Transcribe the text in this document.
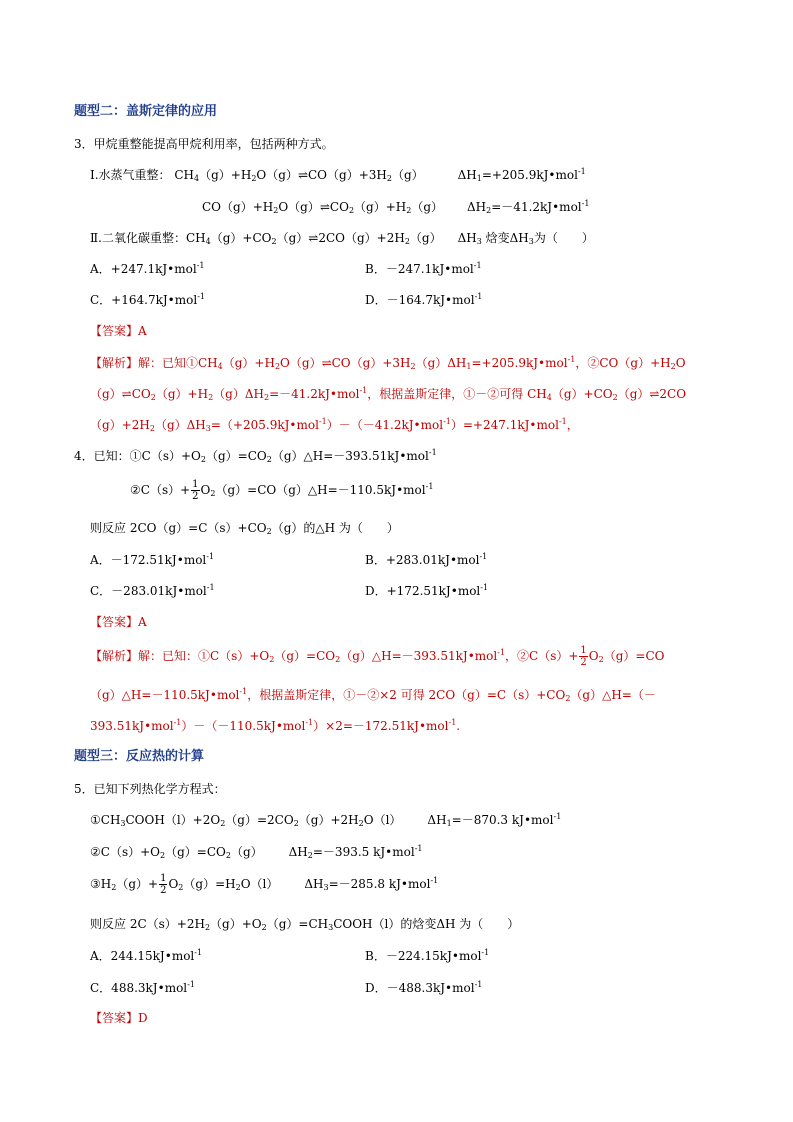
题型二：盖斯定律的应用
3．甲烷重整能提高甲烷利用率，包括两种方式。
Ⅰ.水蒸气重整： $CH_4(g)+H_2O(g)\rightleftharpoons CO(g)+3H_2(g)$	$\Delta H_1=+205.9kJ•mol^{-1}$
$CO(g)+H_2O(g)\rightleftharpoons CO_2(g)+H_2(g)$ $\Delta H_2=-41.2kJ•mol^{-1}$
Ⅱ.二氧化碳重整：$CH_4(g)+CO_2(g)\rightleftharpoons 2CO(g)+2H_2(g)$ $\Delta H_3$ 焓变$\Delta H_3$为（　　）
A．+247.1kJ•mol$^{-1}$	B．－247.1kJ•mol$^{-1}$
C．+164.7kJ•mol$^{-1}$	D．－164.7kJ•mol$^{-1}$
【答案】A
【解析】解：已知$①CH_4(g)+H_2O(g)\rightleftharpoons CO(g)+3H_2(g)\Delta H_1=+205.9kJ•mol^{-1}$，$②CO(g)+H_2O$
$(g)\rightleftharpoons CO_2(g)+H_2(g)\Delta H_2=-41.2kJ•mol^{-1}$，根据盖斯定律，①－②可得 $CH_4(g)+CO_2(g)\rightleftharpoons 2CO$
$(g)+2H_2(g)\Delta H_3=(+205.9kJ•mol^{-1})-(-41.2kJ•mol^{-1})=+247.1kJ•mol^{-1}$，
4．已知：$①C(s)+O_2(g)=CO_2(g)\triangle H=-393.51kJ•mol^{-1}$
②C（s）+ $\frac{1}{2}$ $O_2(g)=CO(g)\triangle H=-110.5kJ•mol^{-1}$
则反应 $2CO(g)=C(s)+CO_2(g)$的△H 为（　　）
A．－172.51kJ•mol$^{-1}$	B．+283.01kJ•mol$^{-1}$
C．－283.01kJ•mol$^{-1}$	D．+172.51kJ•mol$^{-1}$
【答案】A
【解析】解：已知：$①C(s)+O_2(g)=CO_2(g)\triangle H=-393.51kJ•mol^{-1}$，②C（s）+ $\frac{1}{2} O_2(g)=CO$
（g）△H=－110.5kJ•mol$^{-1}$，根据盖斯定律，①－②×2 可得 $2CO(g)=C(s)+CO_2(g)\triangle H=(-$
393.51kJ•mol$^{-1}$）－（－110.5kJ•mol$^{-1}$）×2=－172.51kJ•mol$^{-1}$.
题型三：反应热的计算
5．已知下列热化学方程式：
$①CH_3COOH(l)+2O_2(g)=2CO_2(g)+2H_2O(l)$ $\Delta H_1=-870.3$ kJ•mol$^{-1}$
$②C(s)+O_2(g)=CO_2(g)$ $\Delta H_2=-393.5$ kJ•mol$^{-1}$
$③H_2(g)+ \frac{1}{2} O_2(g)=H_2O(l)$ $\Delta H_3=-285.8$ kJ•mol$^{-1}$
则反应 $2C(s)+2H_2(g)+O_2(g)=CH_3COOH(l)$的焓变ΔH 为（　　）
A．244.15kJ•mol$^{-1}$	B．－224.15kJ•mol$^{-1}$
C．488.3kJ•mol$^{-1}$	D．－488.3kJ•mol$^{-1}$
【答案】D
